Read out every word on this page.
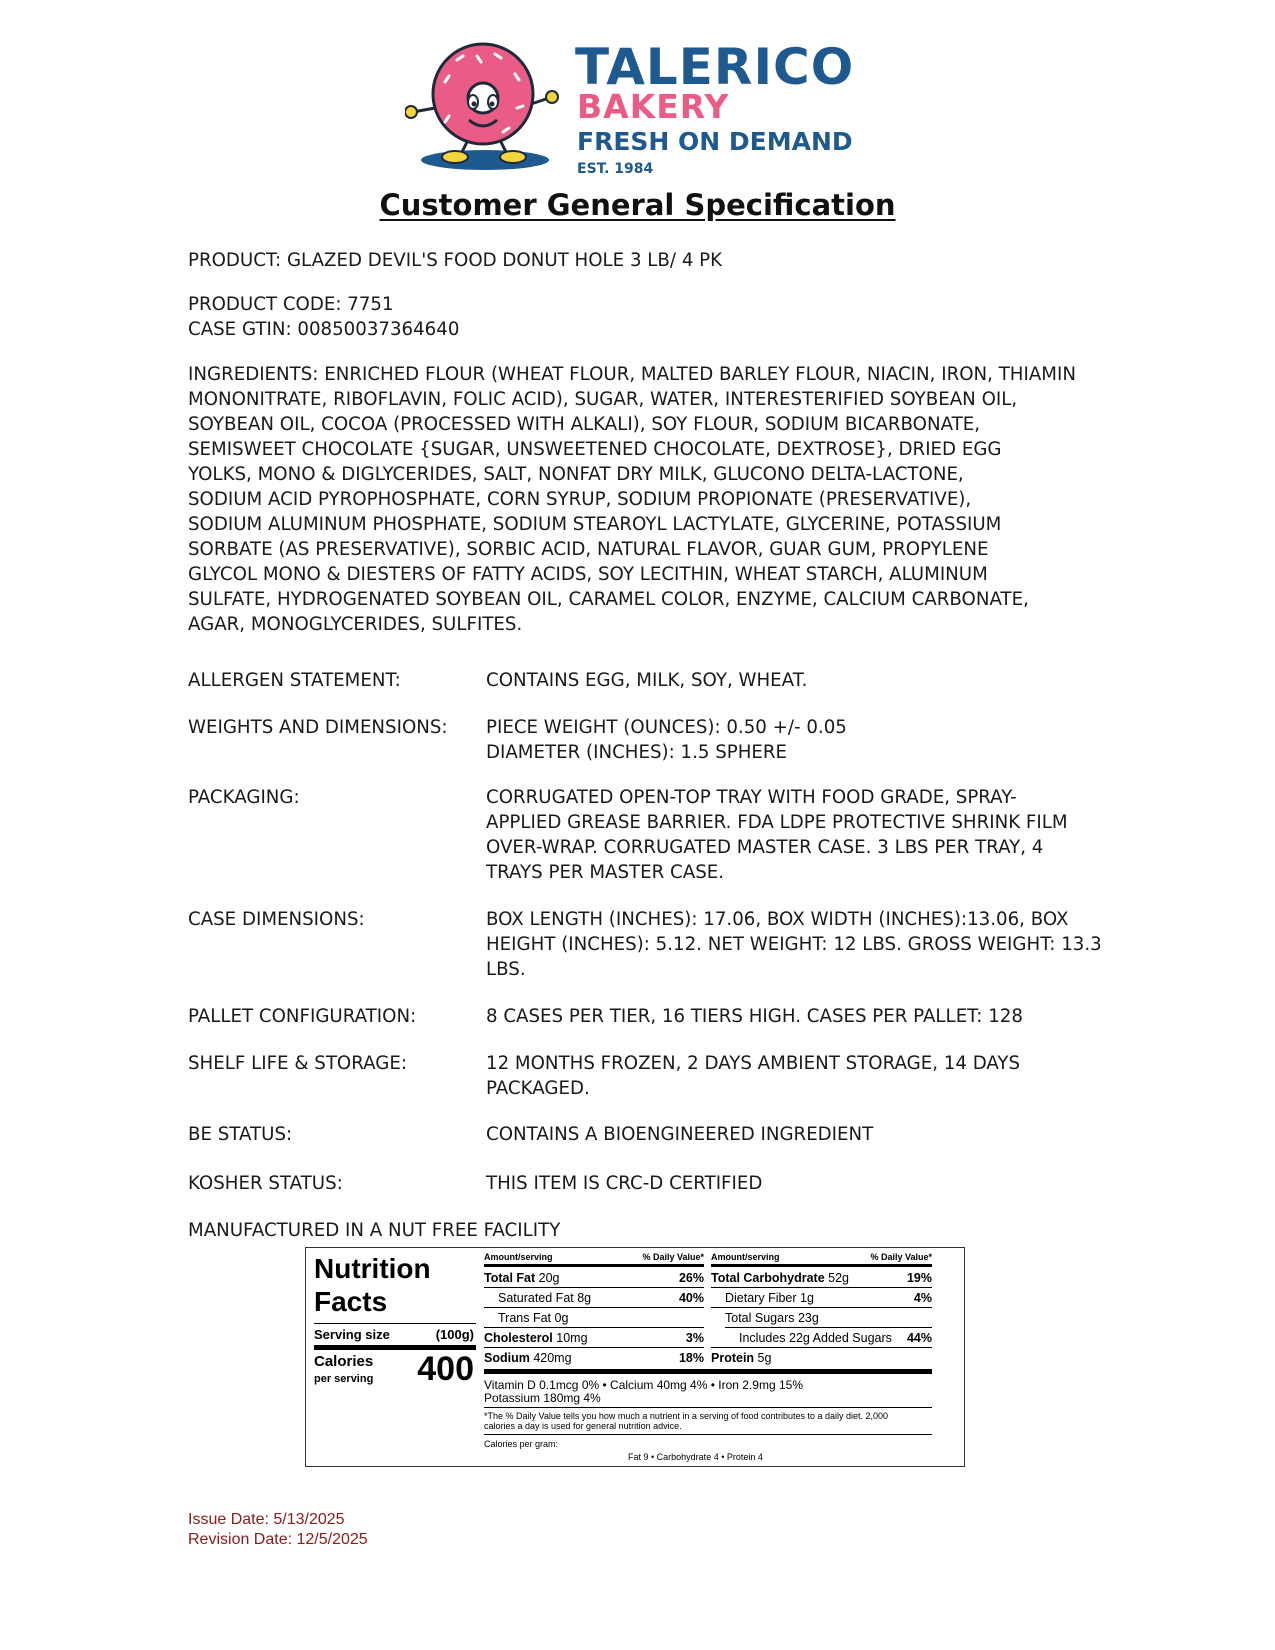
TALERICO
BAKERY
FRESH ON DEMAND
EST. 1984
Customer General Specification
PRODUCT: GLAZED DEVIL'S FOOD DONUT HOLE 3 LB/ 4 PK
PRODUCT CODE: 7751
CASE GTIN: 00850037364640
INGREDIENTS: ENRICHED FLOUR (WHEAT FLOUR, MALTED BARLEY FLOUR, NIACIN, IRON, THIAMIN
MONONITRATE, RIBOFLAVIN, FOLIC ACID), SUGAR, WATER, INTERESTERIFIED SOYBEAN OIL,
SOYBEAN OIL, COCOA (PROCESSED WITH ALKALI), SOY FLOUR, SODIUM BICARBONATE,
SEMISWEET CHOCOLATE {SUGAR, UNSWEETENED CHOCOLATE, DEXTROSE}, DRIED EGG
YOLKS, MONO & DIGLYCERIDES, SALT, NONFAT DRY MILK, GLUCONO DELTA-LACTONE,
SODIUM ACID PYROPHOSPHATE, CORN SYRUP, SODIUM PROPIONATE (PRESERVATIVE),
SODIUM ALUMINUM PHOSPHATE, SODIUM STEAROYL LACTYLATE, GLYCERINE, POTASSIUM
SORBATE (AS PRESERVATIVE), SORBIC ACID, NATURAL FLAVOR, GUAR GUM, PROPYLENE
GLYCOL MONO & DIESTERS OF FATTY ACIDS, SOY LECITHIN, WHEAT STARCH, ALUMINUM
SULFATE, HYDROGENATED SOYBEAN OIL, CARAMEL COLOR, ENZYME, CALCIUM CARBONATE,
AGAR, MONOGLYCERIDES, SULFITES.
ALLERGEN STATEMENT:	CONTAINS EGG, MILK, SOY, WHEAT.
WEIGHTS AND DIMENSIONS: PIECE WEIGHT (OUNCES): 0.50 +/- 0.05
DIAMETER (INCHES): 1.5 SPHERE
PACKAGING:	CORRUGATED OPEN-TOP TRAY WITH FOOD GRADE, SPRAY-
APPLIED GREASE BARRIER. FDA LDPE PROTECTIVE SHRINK FILM
OVER-WRAP. CORRUGATED MASTER CASE. 3 LBS PER TRAY, 4
TRAYS PER MASTER CASE.
CASE DIMENSIONS:	BOX LENGTH (INCHES): 17.06, BOX WIDTH (INCHES):13.06, BOX
HEIGHT (INCHES): 5.12. NET WEIGHT: 12 LBS. GROSS WEIGHT: 13.3
LBS.
PALLET CONFIGURATION:	8 CASES PER TIER, 16 TIERS HIGH. CASES PER PALLET: 128
SHELF LIFE & STORAGE:	12 MONTHS FROZEN, 2 DAYS AMBIENT STORAGE, 14 DAYS
PACKAGED.
BE STATUS:	CONTAINS A BIOENGINEERED INGREDIENT
KOSHER STATUS:	THIS ITEM IS CRC-D CERTIFIED
MANUFACTURED IN A NUT FREE FACILITY
Nutrition
Facts
Serving size	(100g)
Calories
per serving	400
Amount/serving	% Daily Value* Amount/serving	% Daily Value*
Total Fat 20g	26%
Saturated Fat 8g	40%
Trans Fat 0g
Cholesterol 10mg	3%
Sodium 420mg	18%
Total Carbohydrate 52g	19%
Dietary Fiber 1g	4%
Total Sugars 23g
Includes 22g Added Sugars	44%
Protein 5g
Vitamin D 0.1mcg 0% • Calcium 40mg 4% • Iron 2.9mg 15%
Potassium 180mg 4%
*The % Daily Value tells you how much a nutrient in a serving of food contributes to a daily diet. 2,000
calories a day is used for general nutrition advice.
Calories per gram:
Fat 9 • Carbohydrate 4 • Protein 4
Issue Date: 5/13/2025
Revision Date: 12/5/2025
